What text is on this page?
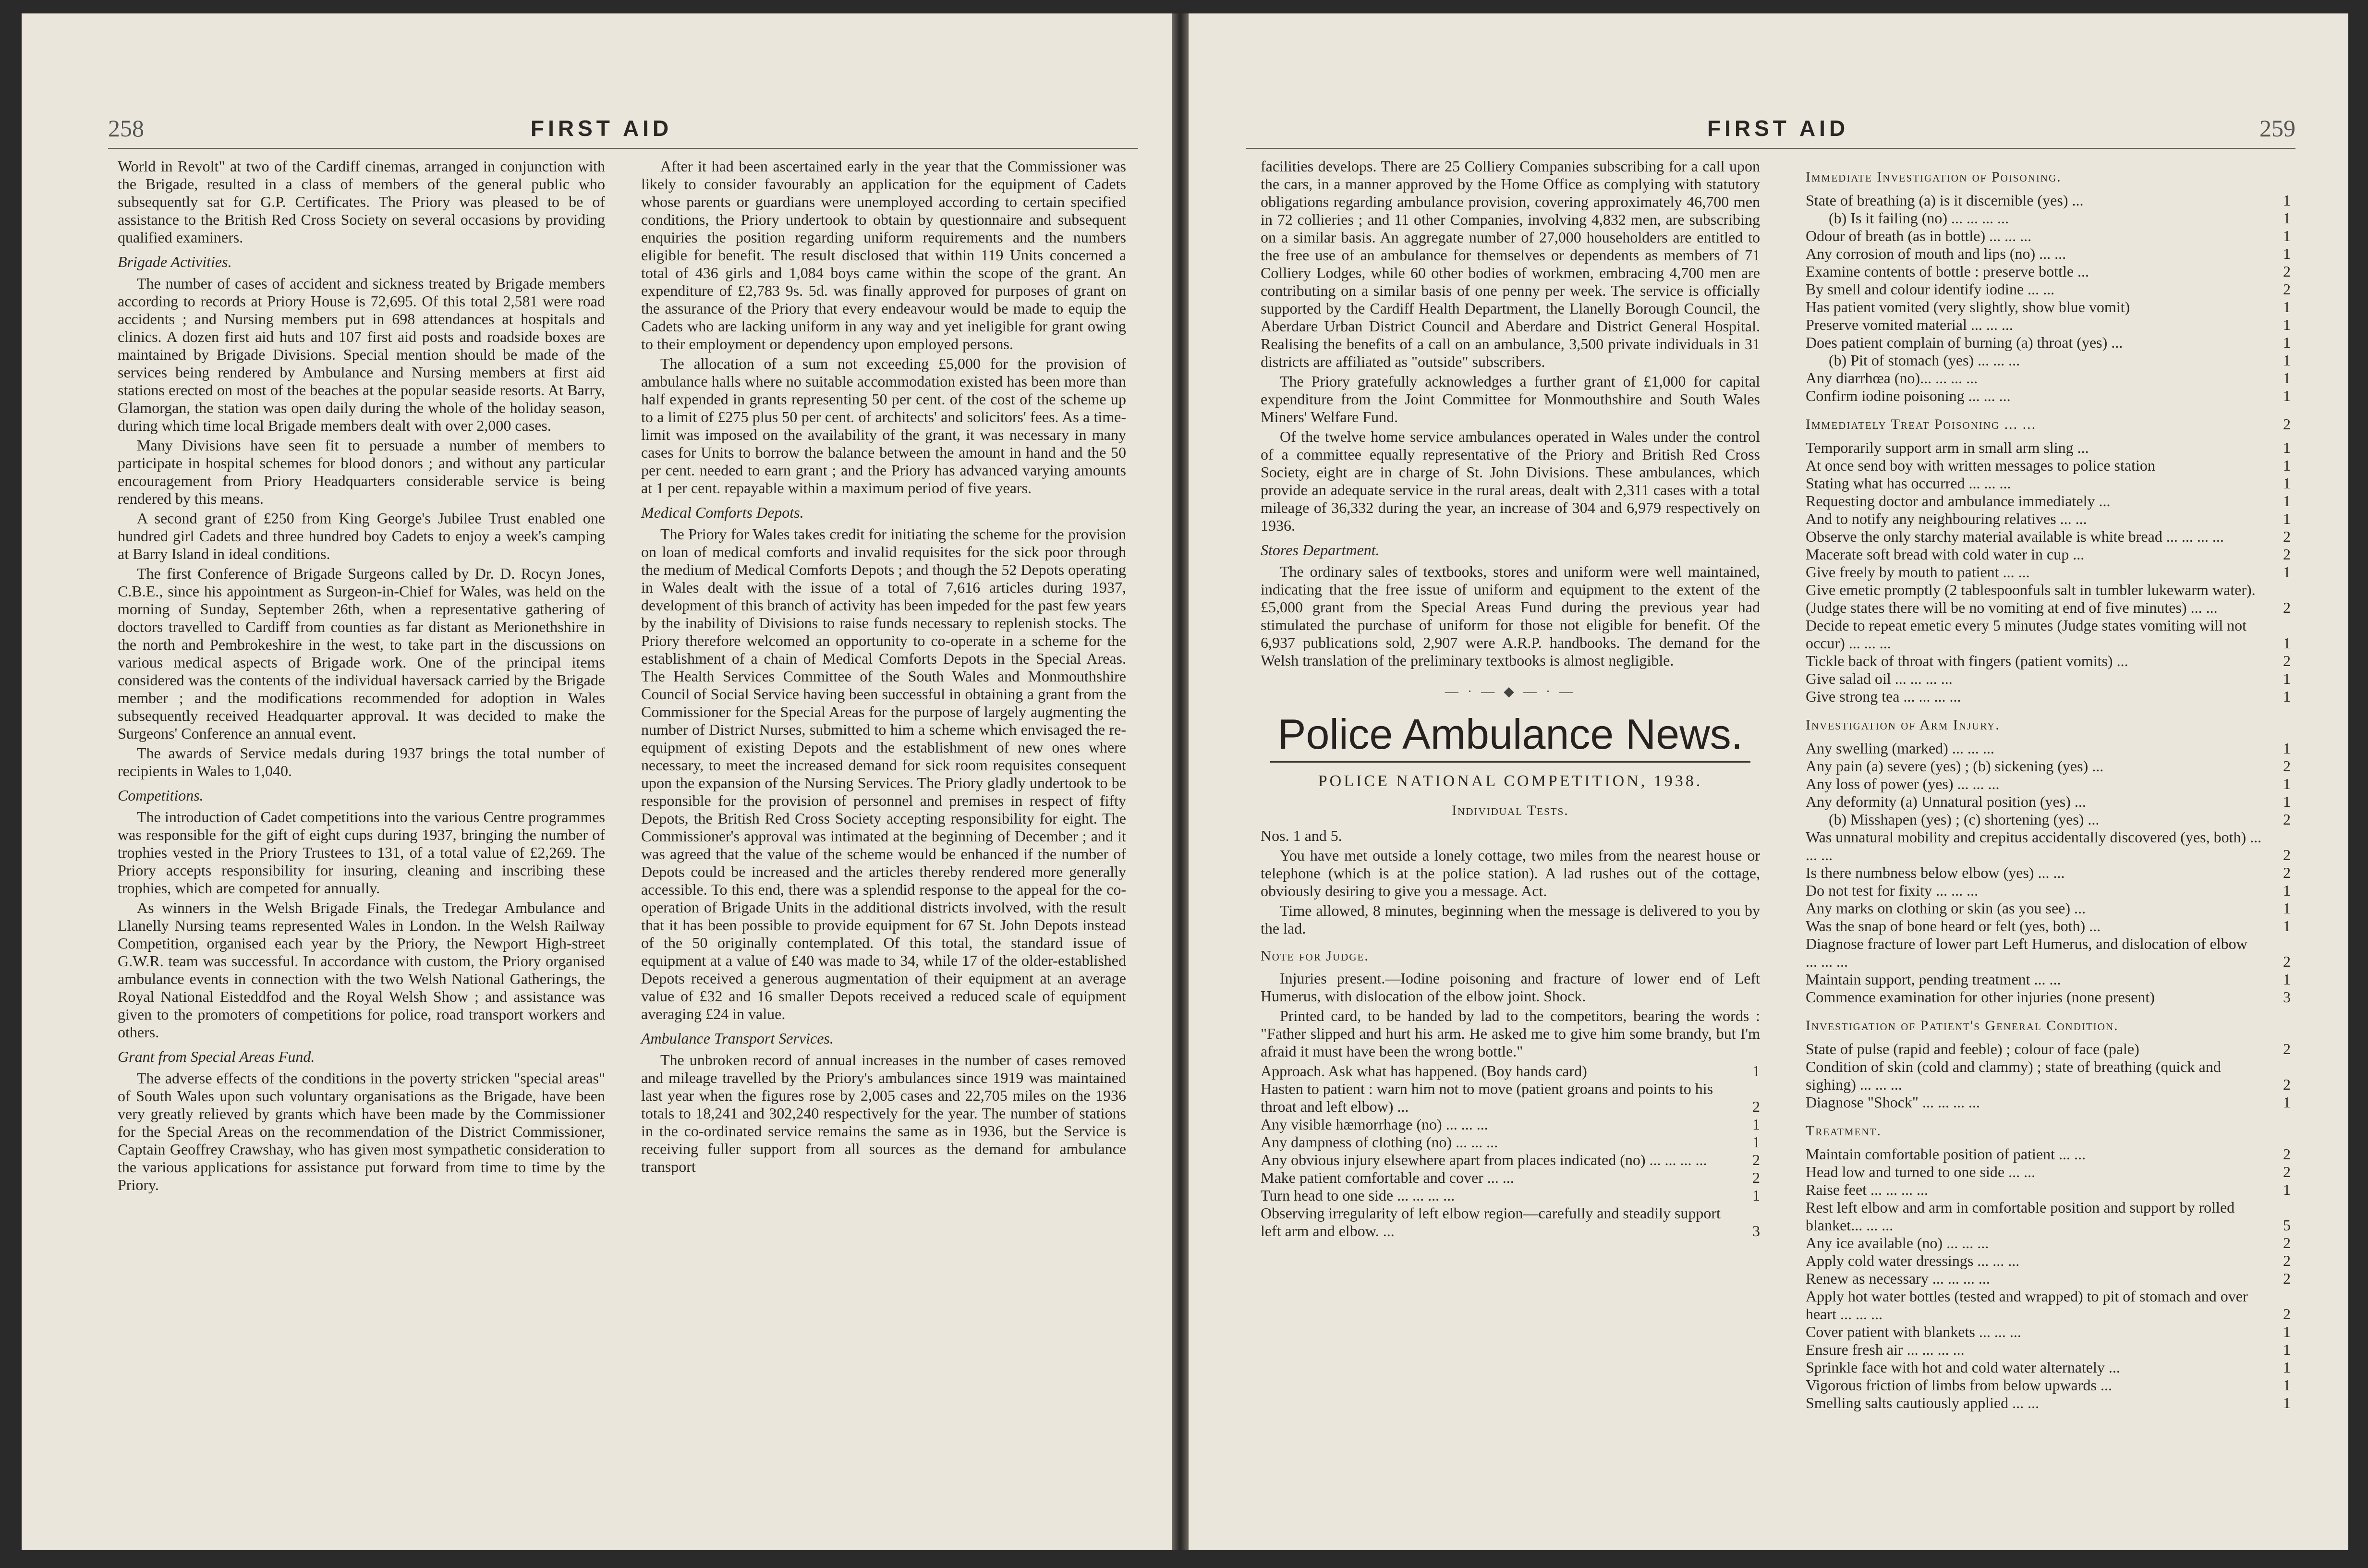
258	FIRST AID

World in Revolt" at two of the Cardiff cinemas, arranged in conjunction with the Brigade, resulted in a class of members of the general public who subsequently sat for G.P. Certificates. The Priory was pleased to be of assistance to the British Red Cross Society on several occasions by providing qualified examiners.

Brigade Activities.

The number of cases of accident and sickness treated by Brigade members according to records at Priory House is 72,695. Of this total 2,581 were road accidents ; and Nursing members put in 698 attendances at hospitals and clinics. A dozen first aid huts and 107 first aid posts and roadside boxes are maintained by Brigade Divisions. Special mention should be made of the services being rendered by Ambulance and Nursing members at first aid stations erected on most of the beaches at the popular seaside resorts. At Barry, Glamorgan, the station was open daily during the whole of the holiday season, during which time local Brigade members dealt with over 2,000 cases.

Many Divisions have seen fit to persuade a number of members to participate in hospital schemes for blood donors ; and without any particular encouragement from Priory Headquarters considerable service is being rendered by this means.

A second grant of £250 from King George's Jubilee Trust enabled one hundred girl Cadets and three hundred boy Cadets to enjoy a week's camping at Barry Island in ideal conditions.

The first Conference of Brigade Surgeons called by Dr. D. Rocyn Jones, C.B.E., since his appointment as Surgeon-in-Chief for Wales, was held on the morning of Sunday, September 26th, when a representative gathering of doctors travelled to Cardiff from counties as far distant as Merionethshire in the north and Pembrokeshire in the west, to take part in the discussions on various medical aspects of Brigade work. One of the principal items considered was the contents of the individual haversack carried by the Brigade member ; and the modifications recommended for adoption in Wales subsequently received Headquarter approval. It was decided to make the Surgeons' Conference an annual event.

The awards of Service medals during 1937 brings the total number of recipients in Wales to 1,040.

Competitions.

The introduction of Cadet competitions into the various Centre programmes was responsible for the gift of eight cups during 1937, bringing the number of trophies vested in the Priory Trustees to 131, of a total value of £2,269. The Priory accepts responsibility for insuring, cleaning and inscribing these trophies, which are competed for annually.

As winners in the Welsh Brigade Finals, the Tredegar Ambulance and Llanelly Nursing teams represented Wales in London. In the Welsh Railway Competition, organised each year by the Priory, the Newport High-street G.W.R. team was successful. In accordance with custom, the Priory organised ambulance events in connection with the two Welsh National Gatherings, the Royal National Eisteddfod and the Royal Welsh Show ; and assistance was given to the promoters of competitions for police, road transport workers and others.

Grant from Special Areas Fund.

The adverse effects of the conditions in the poverty stricken "special areas" of South Wales upon such voluntary organisations as the Brigade, have been very greatly relieved by grants which have been made by the Commissioner for the Special Areas on the recommendation of the District Commissioner, Captain Geoffrey Crawshay, who has given most sympathetic consideration to the various applications for assistance put forward from time to time by the Priory.

After it had been ascertained early in the year that the Commissioner was likely to consider favourably an application for the equipment of Cadets whose parents or guardians were unemployed according to certain specified conditions, the Priory undertook to obtain by questionnaire and subsequent enquiries the position regarding uniform requirements and the numbers eligible for benefit. The result disclosed that within 119 Units concerned a total of 436 girls and 1,084 boys came within the scope of the grant. An expenditure of £2,783 9s. 5d. was finally approved for purposes of grant on the assurance of the Priory that every endeavour would be made to equip the Cadets who are lacking uniform in any way and yet ineligible for grant owing to their employment or dependency upon employed persons.

The allocation of a sum not exceeding £5,000 for the provision of ambulance halls where no suitable accommodation existed has been more than half expended in grants representing 50 per cent. of the cost of the scheme up to a limit of £275 plus 50 per cent. of architects' and solicitors' fees. As a time-limit was imposed on the availability of the grant, it was necessary in many cases for Units to borrow the balance between the amount in hand and the 50 per cent. needed to earn grant ; and the Priory has advanced varying amounts at 1 per cent. repayable within a maximum period of five years.

Medical Comforts Depots.

The Priory for Wales takes credit for initiating the scheme for the provision on loan of medical comforts and invalid requisites for the sick poor through the medium of Medical Comforts Depots ; and though the 52 Depots operating in Wales dealt with the issue of a total of 7,616 articles during 1937, development of this branch of activity has been impeded for the past few years by the inability of Divisions to raise funds necessary to replenish stocks. The Priory therefore welcomed an opportunity to co-operate in a scheme for the establishment of a chain of Medical Comforts Depots in the Special Areas. The Health Services Committee of the South Wales and Monmouthshire Council of Social Service having been successful in obtaining a grant from the Commissioner for the Special Areas for the purpose of largely augmenting the number of District Nurses, submitted to him a scheme which envisaged the re-equipment of existing Depots and the establishment of new ones where necessary, to meet the increased demand for sick room requisites consequent upon the expansion of the Nursing Services. The Priory gladly undertook to be responsible for the provision of personnel and premises in respect of fifty Depots, the British Red Cross Society accepting responsibility for eight. The Commissioner's approval was intimated at the beginning of December ; and it was agreed that the value of the scheme would be enhanced if the number of Depots could be increased and the articles thereby rendered more generally accessible. To this end, there was a splendid response to the appeal for the co-operation of Brigade Units in the additional districts involved, with the result that it has been possible to provide equipment for 67 St. John Depots instead of the 50 originally contemplated. Of this total, the standard issue of equipment at a value of £40 was made to 34, while 17 of the older-established Depots received a generous augmentation of their equipment at an average value of £32 and 16 smaller Depots received a reduced scale of equipment averaging £24 in value.

Ambulance Transport Services.

The unbroken record of annual increases in the number of cases removed and mileage travelled by the Priory's ambulances since 1919 was maintained last year when the figures rose by 2,005 cases and 22,705 miles on the 1936 totals to 18,241 and 302,240 respectively for the year. The number of stations in the co-ordinated service remains the same as in 1936, but the Service is receiving fuller support from all sources as the demand for ambulance transport

FIRST AID	259

facilities develops. There are 25 Colliery Companies subscribing for a call upon the cars, in a manner approved by the Home Office as complying with statutory obligations regarding ambulance provision, covering approximately 46,700 men in 72 collieries ; and 11 other Companies, involving 4,832 men, are subscribing on a similar basis. An aggregate number of 27,000 householders are entitled to the free use of an ambulance for themselves or dependents as members of 71 Colliery Lodges, while 60 other bodies of workmen, embracing 4,700 men are contributing on a similar basis of one penny per week. The service is officially supported by the Cardiff Health Department, the Llanelly Borough Council, the Aberdare Urban District Council and Aberdare and District General Hospital. Realising the benefits of a call on an ambulance, 3,500 private individuals in 31 districts are affiliated as "outside" subscribers.

The Priory gratefully acknowledges a further grant of £1,000 for capital expenditure from the Joint Committee for Monmouthshire and South Wales Miners' Welfare Fund.

Of the twelve home service ambulances operated in Wales under the control of a committee equally representative of the Priory and British Red Cross Society, eight are in charge of St. John Divisions. These ambulances, which provide an adequate service in the rural areas, dealt with 2,311 cases with a total mileage of 36,332 during the year, an increase of 304 and 6,979 respectively on 1936.

Stores Department.

The ordinary sales of textbooks, stores and uniform were well maintained, indicating that the free issue of uniform and equipment to the extent of the £5,000 grant from the Special Areas Fund during the previous year had stimulated the purchase of uniform for those not eligible for benefit. Of the 6,937 publications sold, 2,907 were A.R.P. handbooks. The demand for the Welsh translation of the preliminary textbooks is almost negligible.

— · — ◆ — · —
Police Ambulance News.
POLICE NATIONAL COMPETITION, 1938.
Individual Tests.

Nos. 1 and 5.

You have met outside a lonely cottage, two miles from the nearest house or telephone (which is at the police station). A lad rushes out of the cottage, obviously desiring to give you a message. Act.

Time allowed, 8 minutes, beginning when the message is delivered to you by the lad.

Note for Judge.

Injuries present.—Iodine poisoning and fracture of lower end of Left Humerus, with dislocation of the elbow joint. Shock.

Printed card, to be handed by lad to the competitors, bearing the words : "Father slipped and hurt his arm. He asked me to give him some brandy, but I'm afraid it must have been the wrong bottle."

Approach. Ask what has happened. (Boy hands card)	1
Hasten to patient : warn him not to move (patient groans and points to his throat and left elbow) ...	2
Any visible hæmorrhage (no) ... ... ...	1
Any dampness of clothing (no) ... ... ...	1
Any obvious injury elsewhere apart from places indicated (no) ... ... ... ...	2
Make patient comfortable and cover ... ...	2
Turn head to one side ... ... ... ...	1
Observing irregularity of left elbow region—carefully and steadily support left arm and elbow. ...	3
Immediate Investigation of Poisoning.
State of breathing (a) is it discernible (yes) ...	1
(b) Is it failing (no) ... ... ... ...	1
Odour of breath (as in bottle) ... ... ...	1
Any corrosion of mouth and lips (no) ... ...	1
Examine contents of bottle : preserve bottle ...	2
By smell and colour identify iodine ... ...	2
Has patient vomited (very slightly, show blue vomit)	1
Preserve vomited material ... ... ...	1
Does patient complain of burning (a) throat (yes) ...	1
(b) Pit of stomach (yes) ... ... ...	1
Any diarrhœa (no)... ... ... ...	1
Confirm iodine poisoning ... ... ...	1
Immediately Treat Poisoning ... ...	2
Temporarily support arm in small arm sling ...	1
At once send boy with written messages to police station	1
Stating what has occurred ... ... ...	1
Requesting doctor and ambulance immediately ...	1
And to notify any neighbouring relatives ... ...	1
Observe the only starchy material available is white bread ... ... ... ...	2
Macerate soft bread with cold water in cup ...	2
Give freely by mouth to patient ... ...	1
Give emetic promptly (2 tablespoonfuls salt in tumbler lukewarm water). (Judge states there will be no vomiting at end of five minutes) ... ...	2
Decide to repeat emetic every 5 minutes (Judge states vomiting will not occur) ... ... ...	1
Tickle back of throat with fingers (patient vomits) ...	2
Give salad oil ... ... ... ...	1
Give strong tea ... ... ... ...	1
Investigation of Arm Injury.
Any swelling (marked) ... ... ...	1
Any pain (a) severe (yes) ; (b) sickening (yes) ...	2
Any loss of power (yes) ... ... ...	1
Any deformity (a) Unnatural position (yes) ...	1
(b) Misshapen (yes) ; (c) shortening (yes) ...	2
Was unnatural mobility and crepitus accidentally discovered (yes, both) ... ... ...	2
Is there numbness below elbow (yes) ... ...	2
Do not test for fixity ... ... ...	1
Any marks on clothing or skin (as you see) ...	1
Was the snap of bone heard or felt (yes, both) ...	1
Diagnose fracture of lower part Left Humerus, and dislocation of elbow ... ... ...	2
Maintain support, pending treatment ... ...	1
Commence examination for other injuries (none present)	3
Investigation of Patient's General Condition.
State of pulse (rapid and feeble) ; colour of face (pale)	2
Condition of skin (cold and clammy) ; state of breathing (quick and sighing) ... ... ...	2
Diagnose "Shock" ... ... ... ...	1
Treatment.
Maintain comfortable position of patient ... ...	2
Head low and turned to one side ... ...	2
Raise feet ... ... ... ...	1
Rest left elbow and arm in comfortable position and support by rolled blanket... ... ...	5
Any ice available (no) ... ... ...	2
Apply cold water dressings ... ... ...	2
Renew as necessary ... ... ... ...	2
Apply hot water bottles (tested and wrapped) to pit of stomach and over heart ... ... ...	2
Cover patient with blankets ... ... ...	1
Ensure fresh air ... ... ... ...	1
Sprinkle face with hot and cold water alternately ...	1
Vigorous friction of limbs from below upwards ...	1
Smelling salts cautiously applied ... ...	1
